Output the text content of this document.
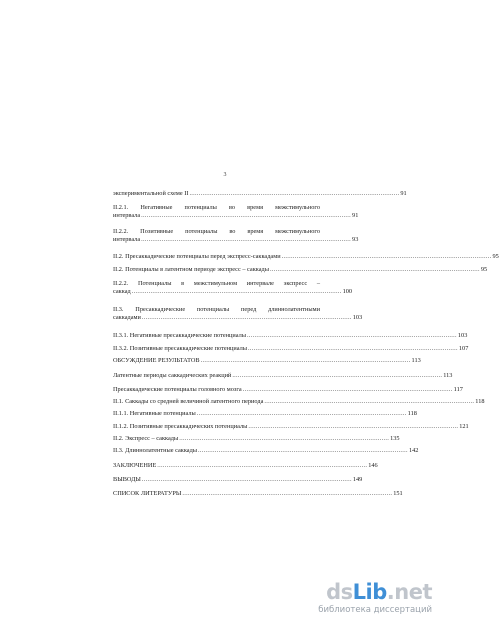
3
экспериментальной схеме II ................................................................................................................ 91
II.2.1. Негативные потенциалы во время межстимульного
интервала ................................................................................................................ 91
II.2.2. Позитивные потенциалы во время межстимульного
интервала ................................................................................................................ 93
II.2. Пресаккадические потенциалы перед экспресс-саккадами ................................................................................................................ 95
II.2. Потенциалы в латентном периоде экспресс – саккады ................................................................................................................ 95
II.2.2. Потенциалы в межстимульном интервале экспресс –
саккад ................................................................................................................ 100
II.3. Пресаккадические потенциалы перед длиннолатентными
саккадами ................................................................................................................ 103
II.3.1. Негативные пресаккадические потенциалы ................................................................................................................ 103
II.3.2. Позитивные пресаккадические потенциалы ................................................................................................................ 107
ОБСУЖДЕНИЕ РЕЗУЛЬТАТОВ ................................................................................................................ 113
Латентные периоды саккадических реакций ................................................................................................................ 113
Пресаккадические потенциалы головного мозга ................................................................................................................ 117
II.1. Саккады со средней величиной латентного периода ................................................................................................................ 118
II.1.1. Негативные потенциалы ................................................................................................................ 118
II.1.2. Позитивные пресаккадических потенциалы ................................................................................................................ 121
II.2. Экспресс – саккады ................................................................................................................ 135
II.3. Длиннолатентные саккады ................................................................................................................ 142
ЗАКЛЮЧЕНИЕ ................................................................................................................ 146
ВЫВОДЫ ................................................................................................................ 149
СПИСОК ЛИТЕРАТУРЫ ................................................................................................................ 151
dsLib.net
библиотека диссертаций
